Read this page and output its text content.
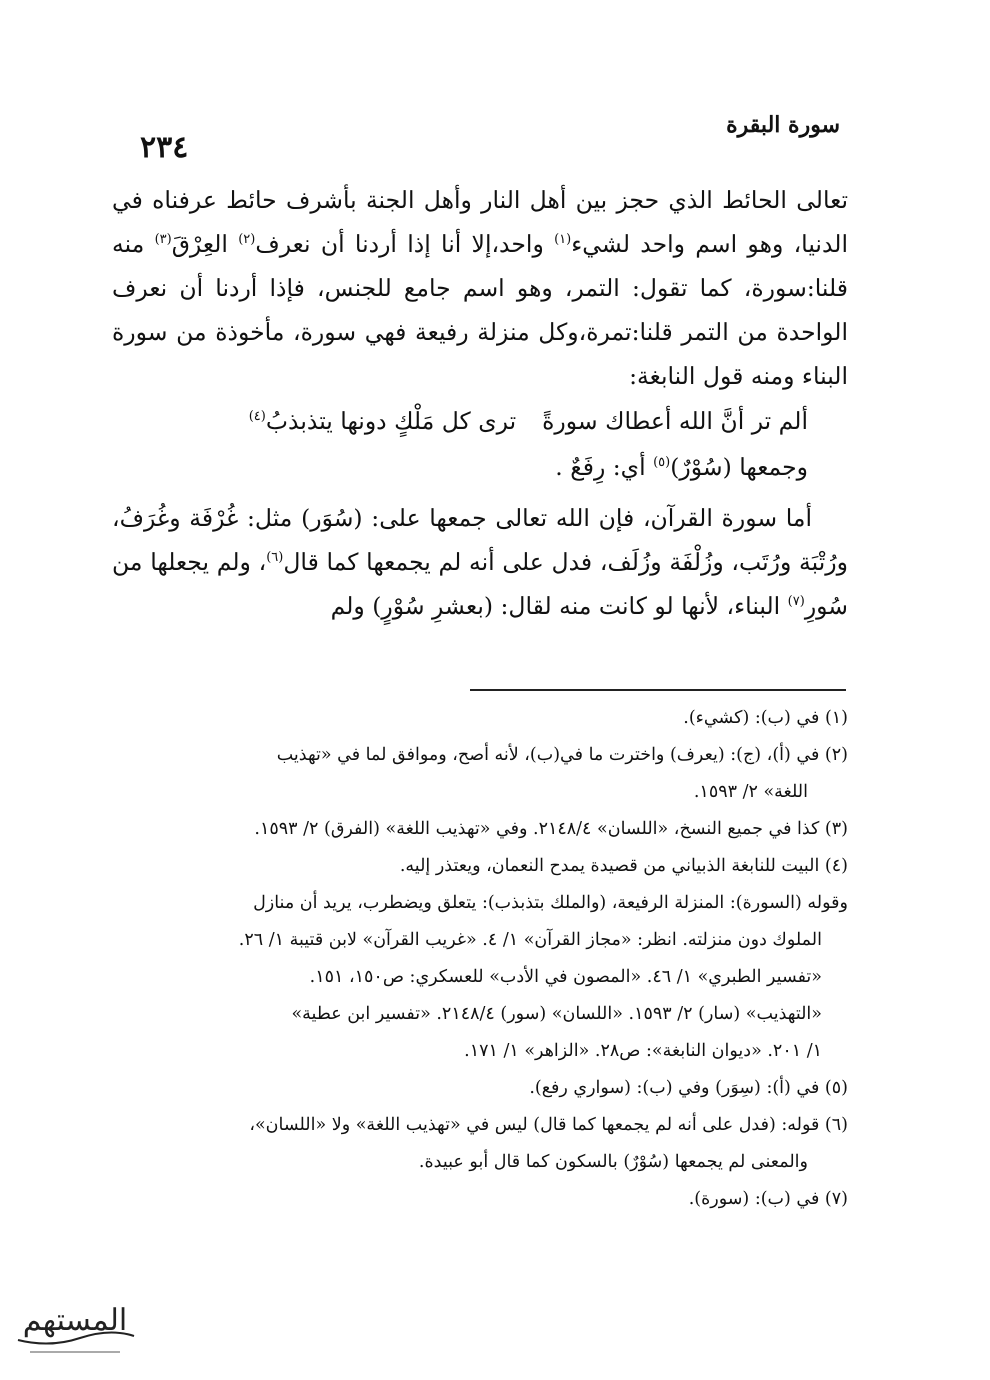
سورة البقرة
٢٣٤

تعالى الحائط الذي حجز بين أهل النار وأهل الجنة بأشرف حائط عرفناه في الدنيا، وهو اسم واحد لشيء$^{(١)}$ واحد،إلا أنا إذا أردنا أن نعرف$^{(٢)}$ العِرْقَ$^{(٣)}$ منه قلنا:سورة، كما تقول: التمر، وهو اسم جامع للجنس، فإذا أردنا أن نعرف الواحدة من التمر قلنا:تمرة،وكل منزلة رفيعة فهي سورة، مأخوذة من سورة البناء ومنه قول النابغة:

ألم تر أنَّ الله أعطاك سورةًترى كل مَلْكٍ دونها يتذبذبُ$^{(٤)}$
وجمعها (سُوْرٌ)$^{(٥)}$ أي: رِفَعٌ .

أما سورة القرآن، فإن الله تعالى جمعها على: (سُوَر) مثل: غُرْفَة وغُرَفُ، ورُتْبَة ورُتَب، وزُلْفَة وزُلَف، فدل على أنه لم يجمعها كما قال$^{(٦)}$، ولم يجعلها من سُورِ$^{(٧)}$ البناء، لأنها لو كانت منه لقال: (بعشرِ سُوْرٍ) ولم

(١) في (ب): (كشيء).

(٢) في (أ)، (ج): (يعرف) واخترت ما في(ب)، لأنه أصح، وموافق لما في «تهذيب
اللغة» ٢/ ١٥٩٣.

(٣) كذا في جميع النسخ، «اللسان» ٢١٤٨/٤. وفي «تهذيب اللغة» (الفرق) ٢/ ١٥٩٣.

(٤) البيت للنابغة الذبياني من قصيدة يمدح النعمان، ويعتذر إليه.

وقوله (السورة): المنزلة الرفيعة، (والملك بتذبذب): يتعلق ويضطرب، يريد أن منازل
الملوك دون منزلته. انظر: «مجاز القرآن» ١/ ٤. «غريب القرآن» لابن قتيبة ١/ ٢٦.
«تفسير الطبري» ١/ ٤٦. «المصون في الأدب» للعسكري: ص١٥٠، ١٥١.
«التهذيب» (سار) ٢/ ١٥٩٣. «اللسان» (سور) ٢١٤٨/٤. «تفسير ابن عطية»
١/ ٢٠١. «ديوان النابغة»: ص٢٨. «الزاهر» ١/ ١٧١.

(٥) في (أ): (سِوَر) وفي (ب): (سواري رفع).

(٦) قوله: (فدل على أنه لم يجمعها كما قال) ليس في «تهذيب اللغة» ولا «اللسان»،
والمعنى لم يجمعها (سُوْرٌ) بالسكون كما قال أبو عبيدة.

(٧) في (ب): (سورة).

المستهم
